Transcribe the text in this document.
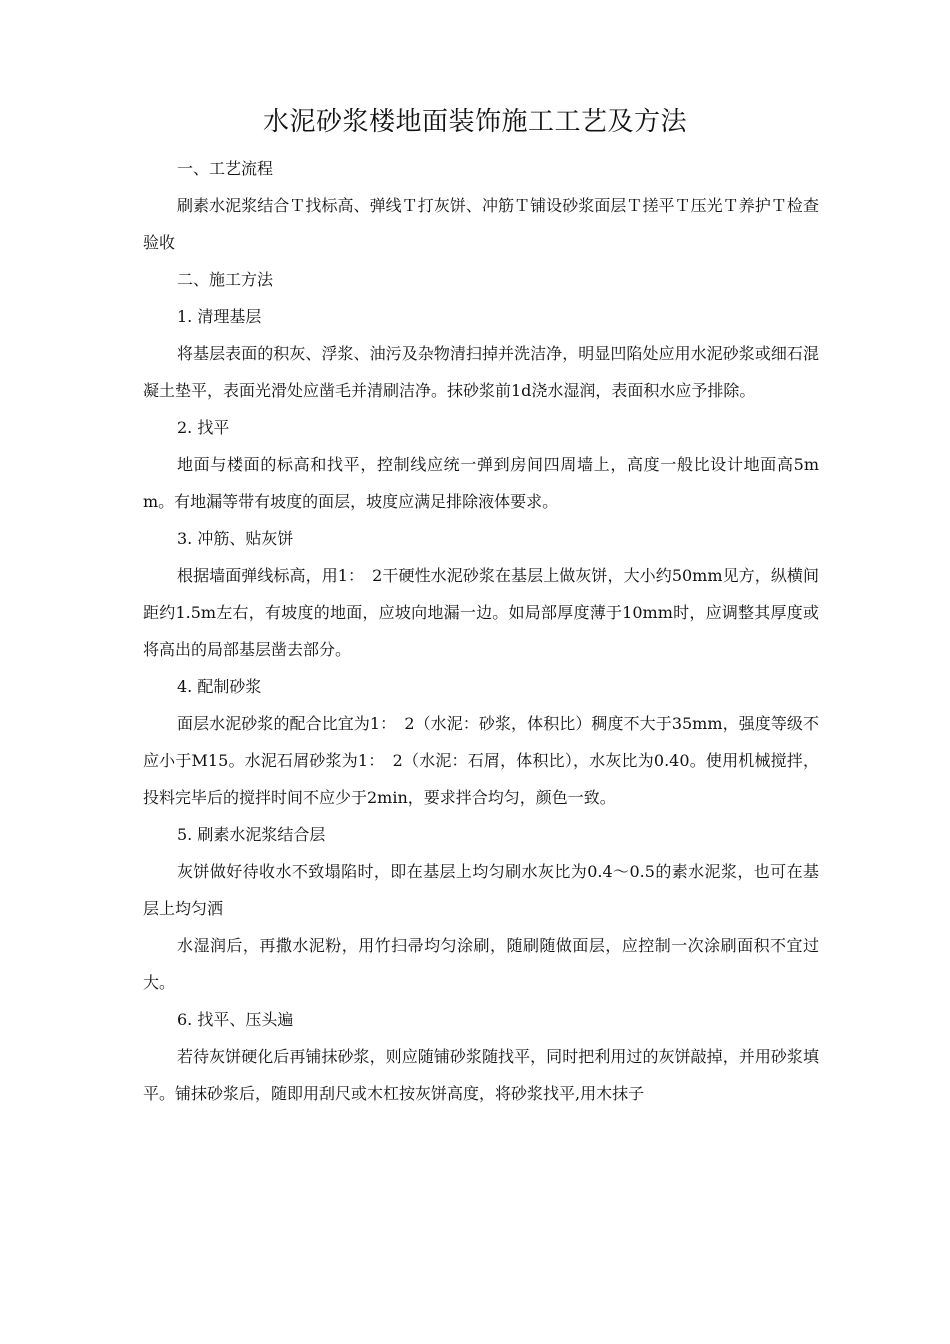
水泥砂浆楼地面装饰施工工艺及方法

一、工艺流程

刷素水泥浆结合Ｔ找标高、弹线Ｔ打灰饼、冲筋Ｔ铺设砂浆面层Ｔ搓平Ｔ压光Ｔ养护Ｔ检查验收

二、施工方法

1. 清理基层

将基层表面的积灰、浮浆、油污及杂物清扫掉并洗洁净，明显凹陷处应用水泥砂浆或细石混凝土垫平，表面光滑处应凿毛并清刷洁净。抹砂浆前1d浇水湿润，表面积水应予排除。

2. 找平

地面与楼面的标高和找平，控制线应统一弹到房间四周墙上，高度一般比设计地面高5mm。有地漏等带有坡度的面层，坡度应满足排除液体要求。

3. 冲筋、贴灰饼

根据墙面弹线标高，用1：　2干硬性水泥砂浆在基层上做灰饼，大小约50mm见方，纵横间距约1.5m左右，有坡度的地面，应坡向地漏一边。如局部厚度薄于10mm时，应调整其厚度或将高出的局部基层凿去部分。

4. 配制砂浆

面层水泥砂浆的配合比宜为1：　2（水泥：砂浆，体积比）稠度不大于35mm，强度等级不应小于M15。水泥石屑砂浆为1：　2（水泥：石屑，体积比），水灰比为0.40。使用机械搅拌，投料完毕后的搅拌时间不应少于2min，要求拌合均匀，颜色一致。

5. 刷素水泥浆结合层

灰饼做好待收水不致塌陷时，即在基层上均匀刷水灰比为0.4〜0.5的素水泥浆，也可在基层上均匀洒

水湿润后，再撒水泥粉，用竹扫帚均匀涂刷，随刷随做面层，应控制一次涂刷面积不宜过大。

6. 找平、压头遍

若待灰饼硬化后再铺抹砂浆，则应随铺砂浆随找平，同时把利用过的灰饼敲掉，并用砂浆填平。铺抹砂浆后，随即用刮尺或木杠按灰饼高度，将砂浆找平,用木抹子
